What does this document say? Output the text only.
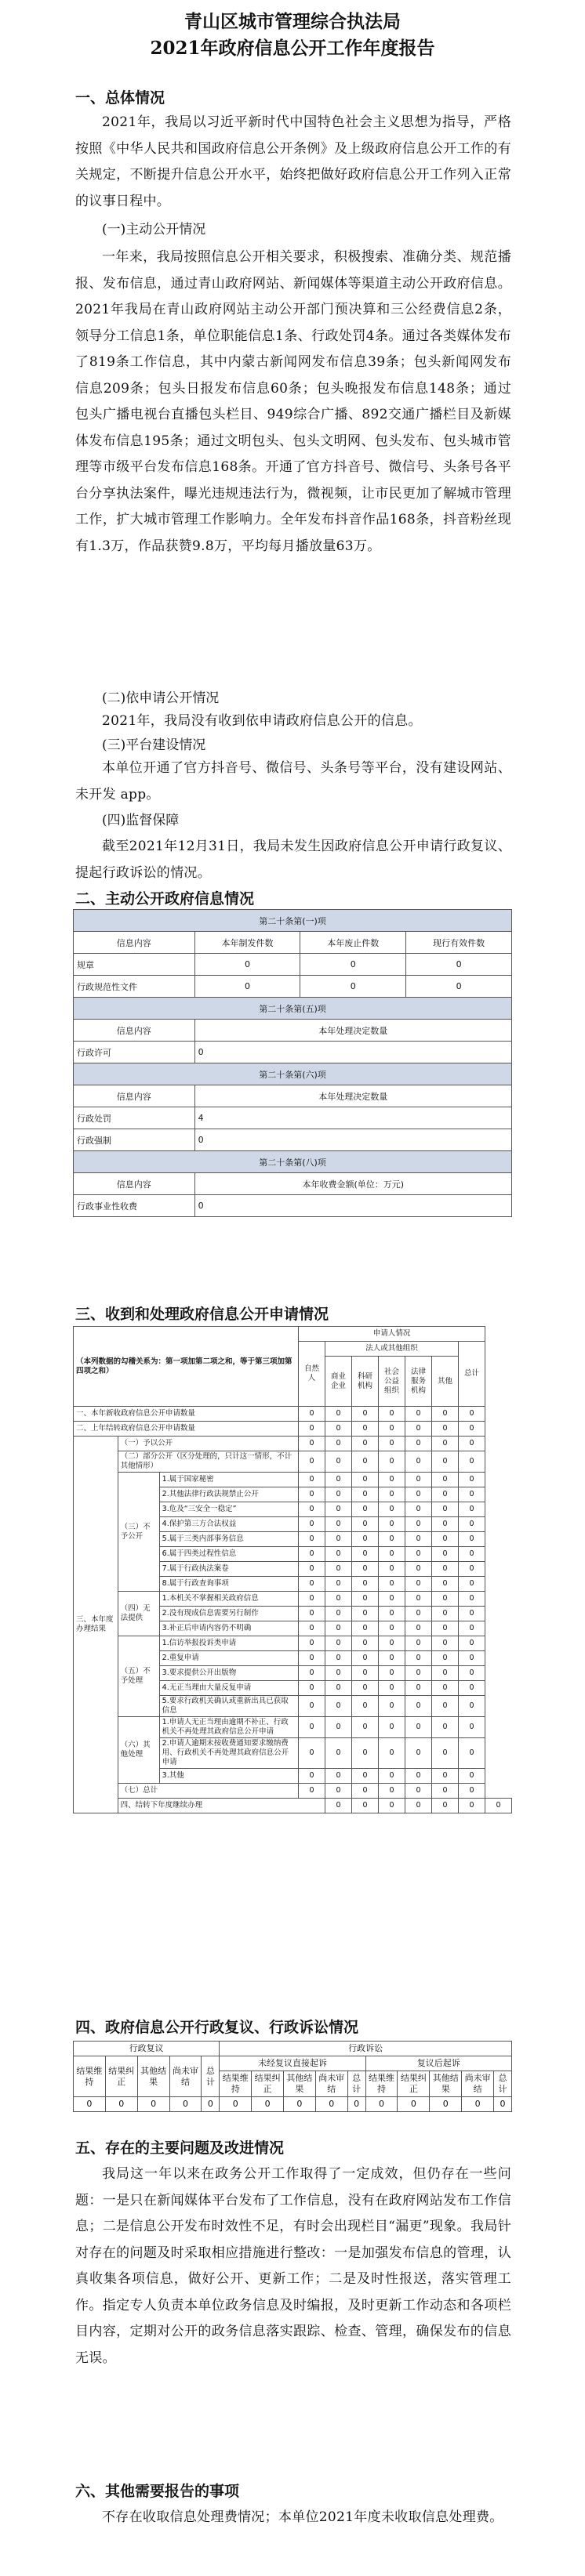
青山区城市管理综合执法局
2021年政府信息公开工作年度报告
一、总体情况

2021年，我局以习近平新时代中国特色社会主义思想为指导，严格按照《中华人民共和国政府信息公开条例》及上级政府信息公开工作的有关规定，不断提升信息公开水平，始终把做好政府信息公开工作列入正常的议事日程中。

(一)主动公开情况

一年来，我局按照信息公开相关要求，积极搜索、准确分类、规范播报、发布信息，通过青山政府网站、新闻媒体等渠道主动公开政府信息。2021年我局在青山政府网站主动公开部门预决算和三公经费信息2条，领导分工信息1条，单位职能信息1条、行政处罚4条。通过各类媒体发布了819条工作信息，其中内蒙古新闻网发布信息39条；包头新闻网发布信息209条；包头日报发布信息60条；包头晚报发布信息148条；通过包头广播电视台直播包头栏目、949综合广播、892交通广播栏目及新媒体发布信息195条；通过文明包头、包头文明网、包头发布、包头城市管理等市级平台发布信息168条。开通了官方抖音号、微信号、头条号各平台分享执法案件，曝光违规违法行为，微视频，让市民更加了解城市管理工作，扩大城市管理工作影响力。全年发布抖音作品168条，抖音粉丝现有1.3万，作品获赞9.8万，平均每月播放量63万。

(二)依申请公开情况

2021年，我局没有收到依申请政府信息公开的信息。

(三)平台建设情况

本单位开通了官方抖音号、微信号、头条号等平台，没有建设网站、未开发 app。

(四)监督保障

截至2021年12月31日，我局未发生因政府信息公开申请行政复议、提起行政诉讼的情况。

二、主动公开政府信息情况
第二十条第(一)项			
信息内容	本年制发件数	本年废止件数	现行有效件数
规章	0	0	0
行政规范性文件	0	0	0
第二十条第(五)项			
信息内容	本年处理决定数量		
行政许可	0		
第二十条第(六)项			
信息内容	本年处理决定数量		
行政处罚	4		
行政强制	0		
第二十条第(八)项			
信息内容	本年收费金额(单位：万元)		
行政事业性收费	0		
三、收到和处理政府信息公开申请情况
（本列数据的勾稽关系为：第一项加第二项之和，等于第三项加第四项之和）			申请人情况							
			自然人	法人或其他组织					总计	
				商业企业	科研机构	社会公益组织	法律服务机构	其他		
一、本年新收政府信息公开申请数量			0	0	0	0	0	0	0	
二、上年结转政府信息公开申请数量			0	0	0	0	0	0	0	
三、本年度办理结果	（一）予以公开		0	0	0	0	0	0	0	
	（二）部分公开（区分处理的，只计这一情形，不计其他情形）		0	0	0	0	0	0	0	
	（三）不予公开	1.属于国家秘密	0	0	0	0	0	0	0	
		2.其他法律行政法规禁止公开	0	0	0	0	0	0	0	
		3.危及“三安全一稳定”	0	0	0	0	0	0	0	
		4.保护第三方合法权益	0	0	0	0	0	0	0	
		5.属于三类内部事务信息	0	0	0	0	0	0	0	
		6.属于四类过程性信息	0	0	0	0	0	0	0	
		7.属于行政执法案卷	0	0	0	0	0	0	0	
		8.属于行政查询事项	0	0	0	0	0	0	0	
	（四）无法提供	1.本机关不掌握相关政府信息	0	0	0	0	0	0	0	
		2.没有现成信息需要另行制作	0	0	0	0	0	0	0	
		3.补正后申请内容仍不明确	0	0	0	0	0	0	0	
	（五）不予处理	1.信访举报投诉类申请	0	0	0	0	0	0	0	
		2.重复申请	0	0	0	0	0	0	0	
		3.要求提供公开出版物	0	0	0	0	0	0	0	
		4.无正当理由大量反复申请	0	0	0	0	0	0	0	
		5.要求行政机关确认或重新出具已获取信息	0	0	0	0	0	0	0	
	（六）其他处理	1.申请人无正当理由逾期不补正、行政机关不再处理其政府信息公开申请	0	0	0	0	0	0	0	
		2.申请人逾期未按收费通知要求缴纳费用、行政机关不再处理其政府信息公开申请	0	0	0	0	0	0	0	
		3.其他	0	0	0	0	0	0	0	
	（七）总计		0	0	0	0	0	0	0	
	四、结转下年度继续办理			0	0	0	0	0	0	0
四、政府信息公开行政复议、行政诉讼情况
行政复议					行政诉讼									
结果维持	结果纠正	其他结果	尚未审结	总计	未经复议直接起诉					复议后起诉				
					结果维持	结果纠正	其他结果	尚未审结	总计	结果维持	结果纠正	其他结果	尚未审结	总计
0	0	0	0	0	0	0	0	0	0	0	0	0	0	0
五、存在的主要问题及改进情况

我局这一年以来在政务公开工作取得了一定成效，但仍存在一些问题：一是只在新闻媒体平台发布了工作信息，没有在政府网站发布工作信息；二是信息公开发布时效性不足，有时会出现栏目“漏更”现象。我局针对存在的问题及时采取相应措施进行整改：一是加强发布信息的管理，认真收集各项信息，做好公开、更新工作；二是及时性报送，落实管理工作。指定专人负责本单位政务信息及时编报，及时更新工作动态和各项栏目内容，定期对公开的政务信息落实跟踪、检查、管理，确保发布的信息无误。

六、其他需要报告的事项

不存在收取信息处理费情况；本单位2021年度未收取信息处理费。
